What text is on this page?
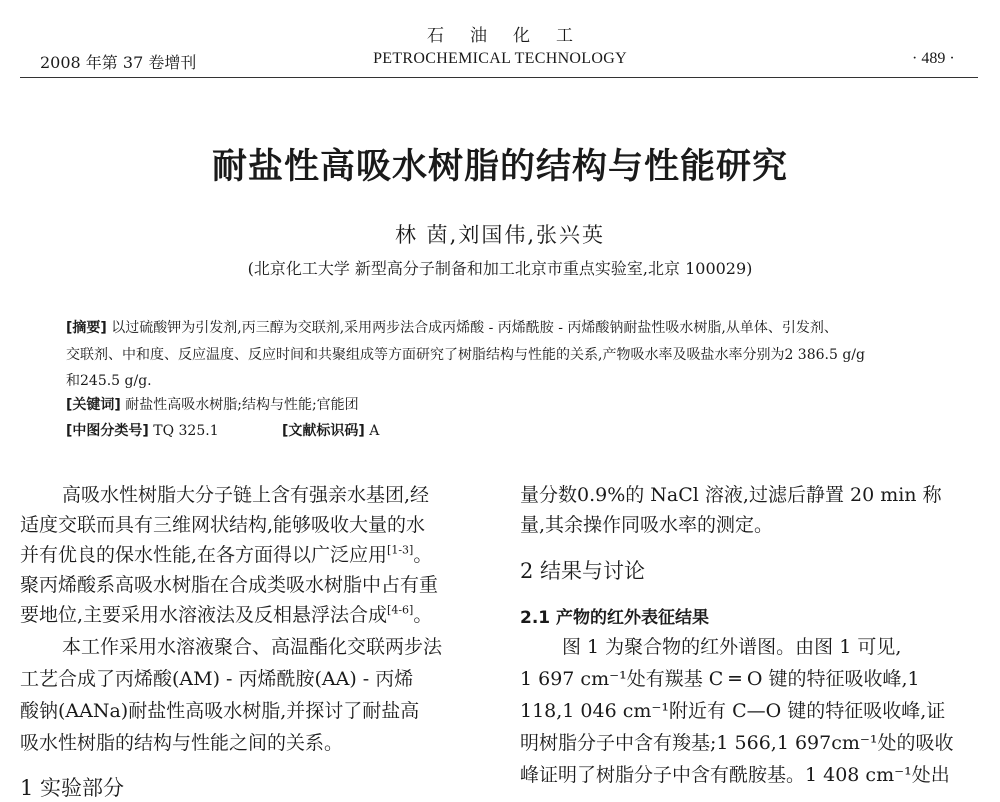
2008 年第 37 卷增刊
石油化工
PETROCHEMICAL TECHNOLOGY	· 489 ·
耐盐性高吸水树脂的结构与性能研究
林 茵,刘国伟,张兴英
(北京化工大学 新型高分子制备和加工北京市重点实验室,北京 100029)
[摘要] 以过硫酸钾为引发剂,丙三醇为交联剂,采用两步法合成丙烯酸 - 丙烯酰胺 - 丙烯酸钠耐盐性吸水树脂,从单体、引发剂、
交联剂、中和度、反应温度、反应时间和共聚组成等方面研究了树脂结构与性能的关系,产物吸水率及吸盐水率分别为2 386.5 g/g
和245.5 g/g.
[关键词] 耐盐性高吸水树脂;结构与性能;官能团
[中图分类号] TQ 325.1	[文献标识码] A
高吸水性树脂大分子链上含有强亲水基团,经
适度交联而具有三维网状结构,能够吸收大量的水
并有优良的保水性能,在各方面得以广泛应用[1-3]。
聚丙烯酸系高吸水树脂在合成类吸水树脂中占有重
要地位,主要采用水溶液法及反相悬浮法合成[4-6]。
本工作采用水溶液聚合、高温酯化交联两步法
工艺合成了丙烯酸(AM) - 丙烯酰胺(AA) - 丙烯
酸钠(AANa)耐盐性高吸水树脂,并探讨了耐盐高
吸水性树脂的结构与性能之间的关系。
1 实验部分
量分数0.9%的 NaCl 溶液,过滤后静置 20 min 称
量,其余操作同吸水率的测定。
2 结果与讨论
2.1 产物的红外表征结果
图 1 为聚合物的红外谱图。由图 1 可见,
1 697 cm⁻¹处有羰基 C ═ O 键的特征吸收峰,1
118,1 046 cm⁻¹附近有 C—O 键的特征吸收峰,证
明树脂分子中含有羧基;1 566,1 697cm⁻¹处的吸收
峰证明了树脂分子中含有酰胺基。1 408 cm⁻¹处出
